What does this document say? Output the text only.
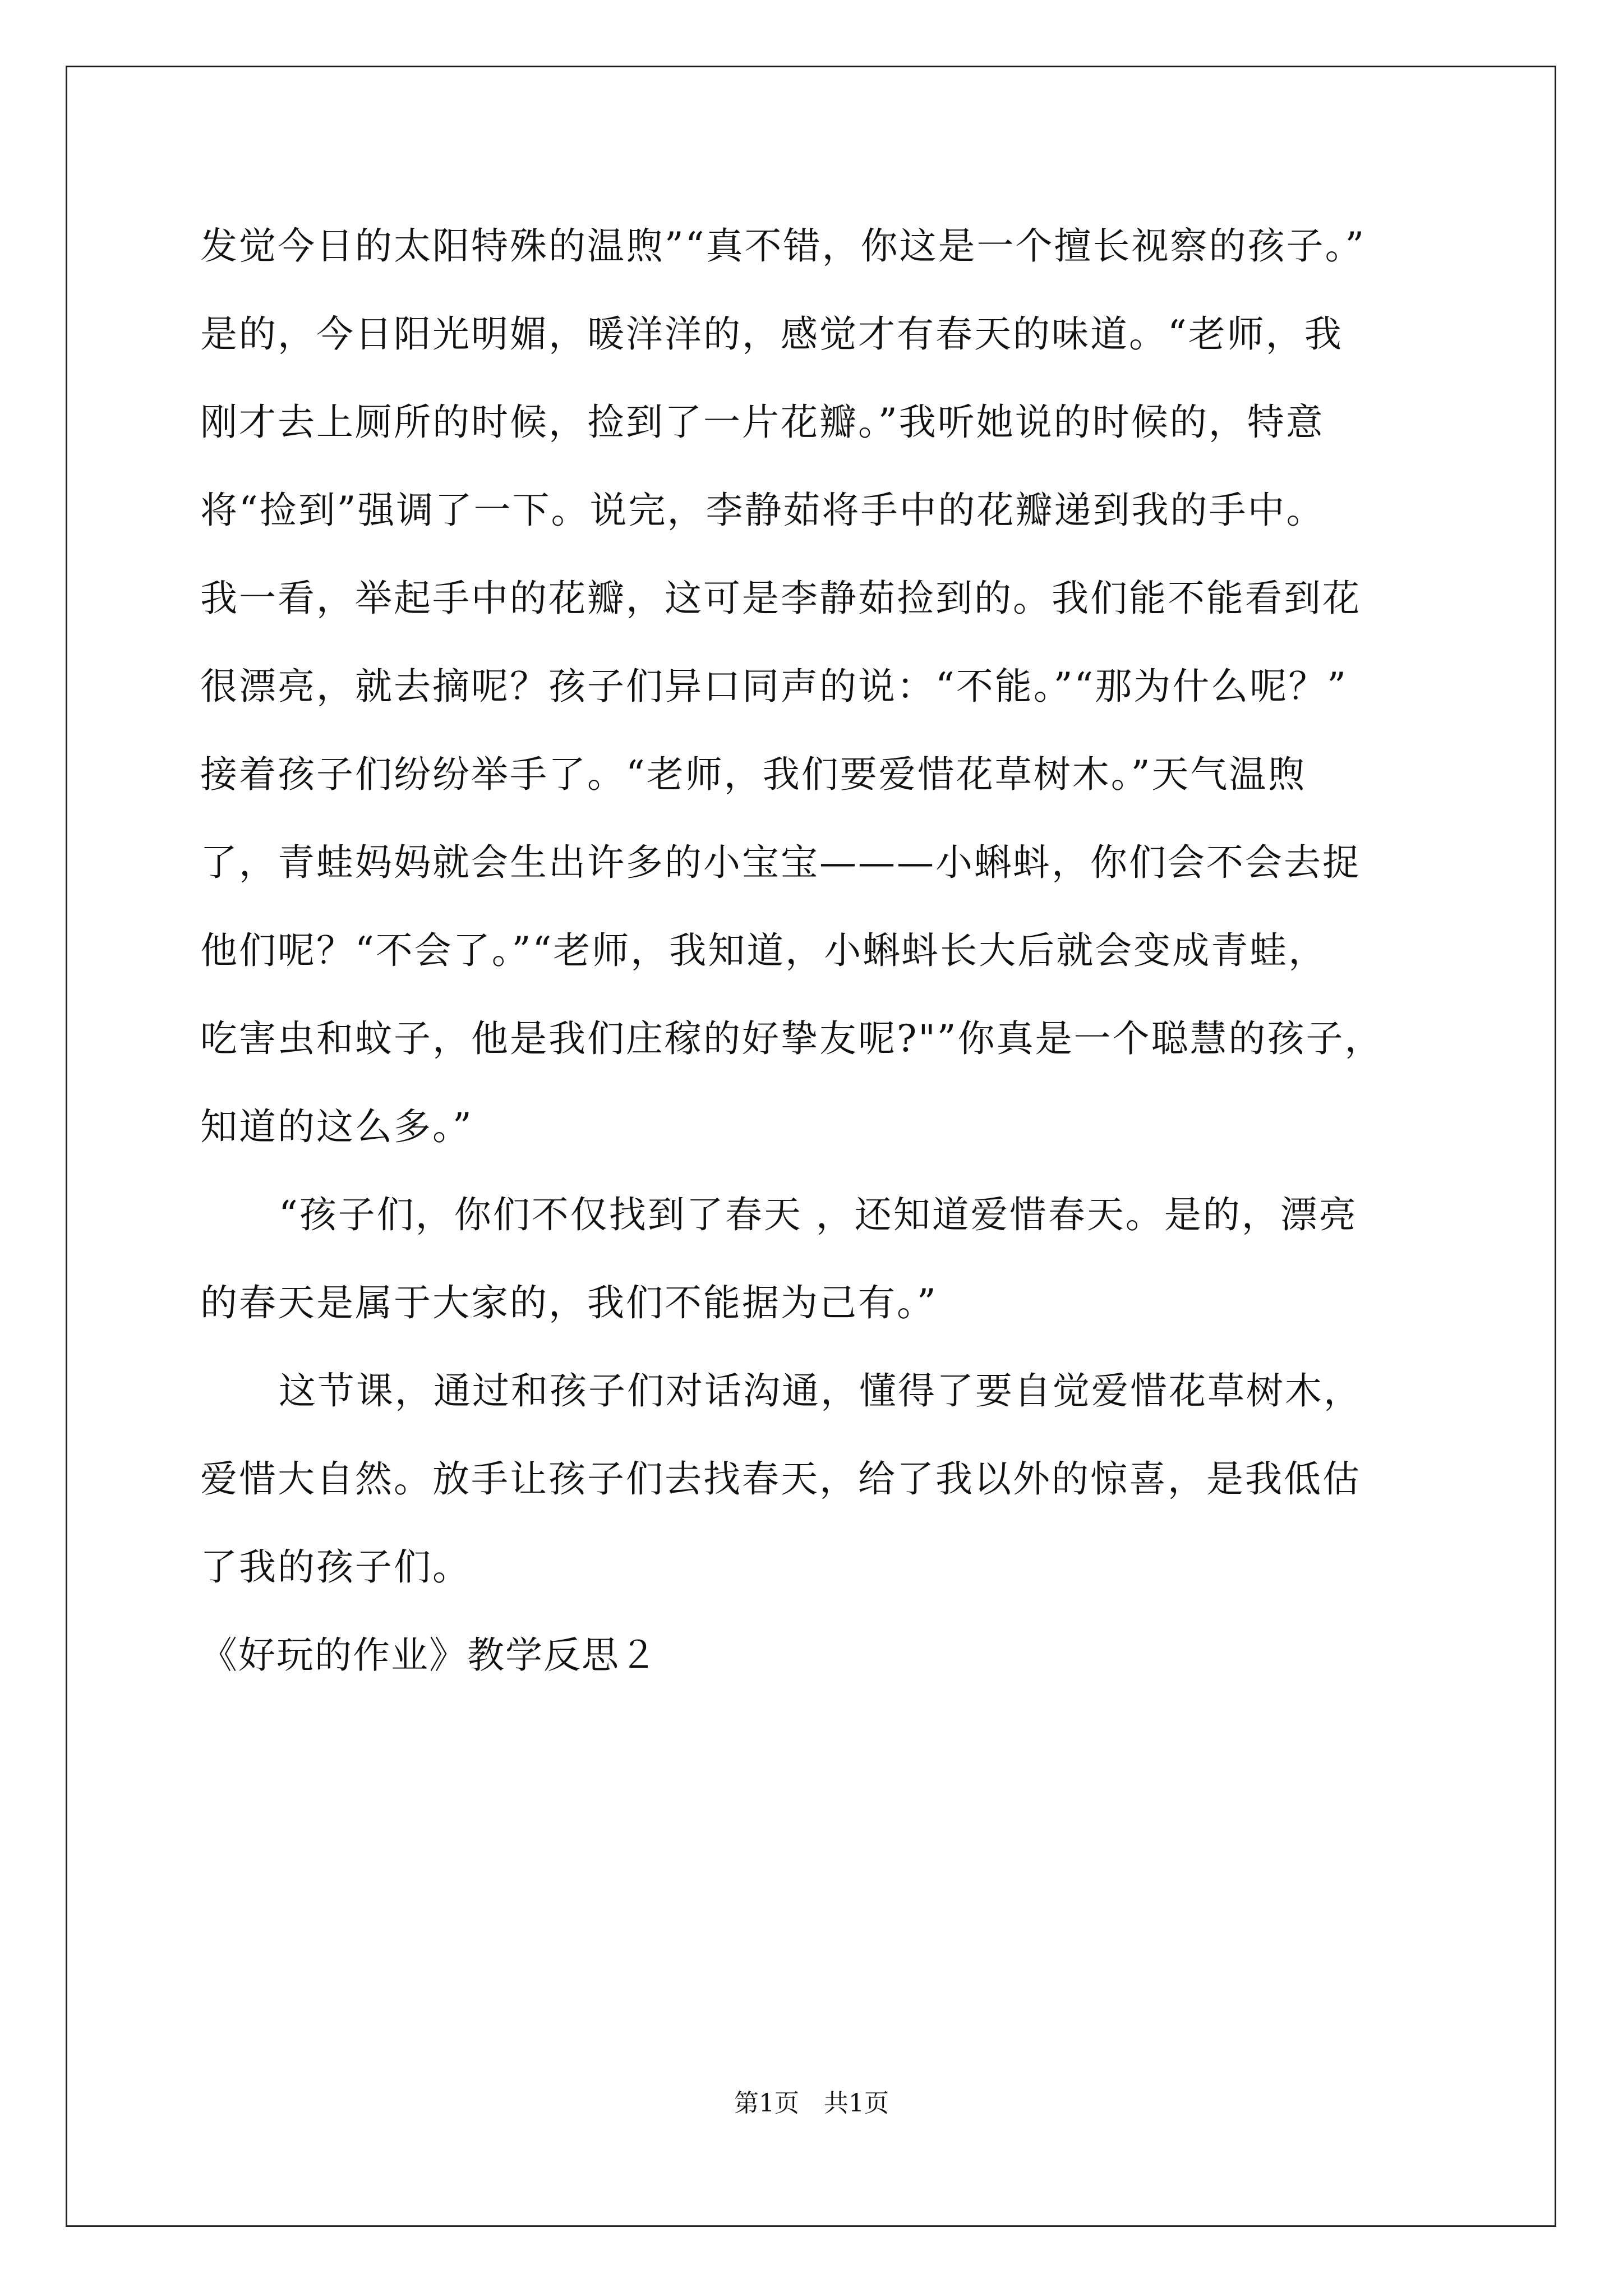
发觉今日的太阳特殊的温煦”“真不错，你这是一个擅长视察的孩子。”
是的，今日阳光明媚，暖洋洋的，感觉才有春天的味道。“老师，我
刚才去上厕所的时候，捡到了一片花瓣。”我听她说的时候的，特意
将“捡到”强调了一下。说完，李静茹将手中的花瓣递到我的手中。
我一看，举起手中的花瓣，这可是李静茹捡到的。我们能不能看到花
很漂亮，就去摘呢？孩子们异口同声的说：“不能。”“那为什么呢？”
接着孩子们纷纷举手了。“老师，我们要爱惜花草树木。”天气温煦
了，青蛙妈妈就会生出许多的小宝宝———小蝌蚪，你们会不会去捉
他们呢？“不会了。”“老师，我知道，小蝌蚪长大后就会变成青蛙，
吃害虫和蚊子，他是我们庄稼的好挚友呢?"”你真是一个聪慧的孩子，
知道的这么多。”
“孩子们，你们不仅找到了春天 ，还知道爱惜春天。是的，漂亮
的春天是属于大家的，我们不能据为己有。”
这节课，通过和孩子们对话沟通，懂得了要自觉爱惜花草树木，
爱惜大自然。放手让孩子们去找春天，给了我以外的惊喜，是我低估
了我的孩子们。
《好玩的作业》教学反思２
第1页　共1页
